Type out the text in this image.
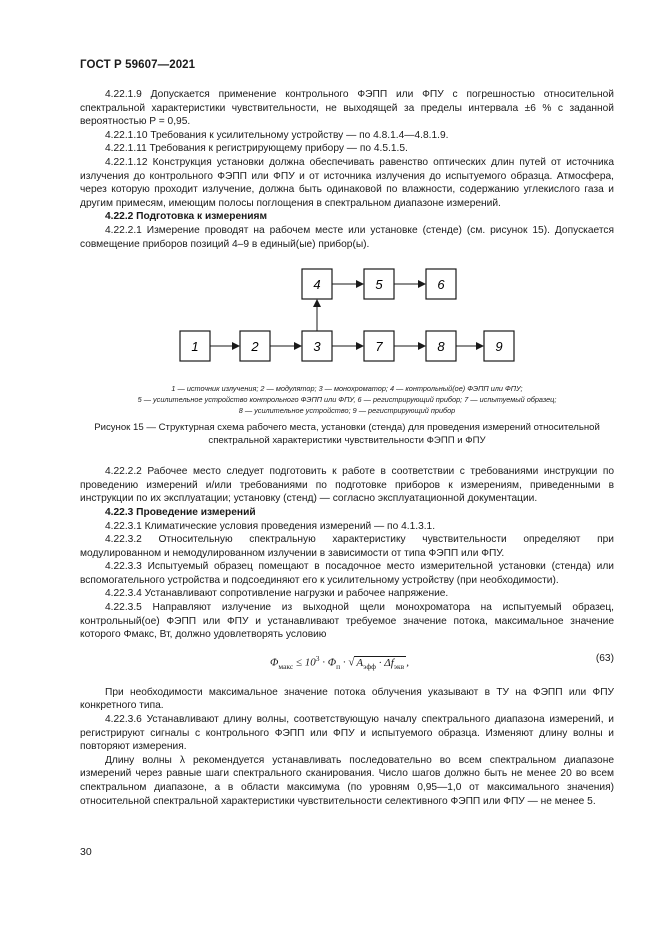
ГОСТ Р 59607—2021

4.22.1.9 Допускается применение контрольного ФЭПП или ФПУ с погрешностью относительной спектральной характеристики чувствительности, не выходящей за пределы интервала ±6 % с заданной вероятностью P = 0,95.

4.22.1.10 Требования к усилительному устройству — по 4.8.1.4—4.8.1.9.

4.22.1.11 Требования к регистрирующему прибору — по 4.5.1.5.

4.22.1.12 Конструкция установки должна обеспечивать равенство оптических длин путей от источника излучения до контрольного ФЭПП или ФПУ и от источника излучения до испытуемого образца. Атмосфера, через которую проходит излучение, должна быть одинаковой по влажности, содержанию углекислого газа и другим примесям, имеющим полосы поглощения в спектральном диапазоне измерений.

4.22.2 Подготовка к измерениям

4.22.2.1 Измерение проводят на рабочем месте или установке (стенде) (см. рисунок 15). Допускается совмещение приборов позиций 4–9 в единый(ые) прибор(ы).

4	5	6
1	2	3	7	8	9
1 — источник излучения; 2 — модулятор; 3 — монохроматор; 4 — контрольный(ое) ФЭПП или ФПУ;
5 — усилительное устройство контрольного ФЭПП или ФПУ, 6 — регистрирующий прибор; 7 — испытуемый образец;
8 — усилительное устройство; 9 — регистрирующий прибор
Рисунок 15 — Структурная схема рабочего места, установки (стенда) для проведения измерений относительной
спектральной характеристики чувствительности ФЭПП и ФПУ

4.22.2.2 Рабочее место следует подготовить к работе в соответствии с требованиями инструкции по проведению измерений и/или требованиями по подготовке приборов к измерениям, приведенными в инструкции по их эксплуатации; установку (стенд) — согласно эксплуатационной документации.

4.22.3 Проведение измерений

4.22.3.1 Климатические условия проведения измерений — по 4.1.3.1.

4.22.3.2 Относительную спектральную характеристику чувствительности определяют при модулированном и немодулированном излучении в зависимости от типа ФЭПП или ФПУ.

4.22.3.3 Испытуемый образец помещают в посадочное место измерительной установки (стенда) или вспомогательного устройства и подсоединяют его к усилительному устройству (при необходимости).

4.22.3.4 Устанавливают сопротивление нагрузки и рабочее напряжение.

4.22.3.5 Направляют излучение из выходной щели монохроматора на испытуемый образец, контрольный(ое) ФЭПП или ФПУ и устанавливают требуемое значение потока, максимальное значение которого Φмакс, Вт, должно удовлетворять условию

$\Phi_{макс} \le 10^3 \cdot \Phi_п$ · √ $A_{эфф} \cdot \Delta f_{экв}$ ,	(63)

При необходимости максимальное значение потока облучения указывают в ТУ на ФЭПП или ФПУ конкретного типа.

4.22.3.6 Устанавливают длину волны, соответствующую началу спектрального диапазона измерений, и регистрируют сигналы с контрольного ФЭПП или ФПУ и испытуемого образца. Изменяют длину волны и повторяют измерения.

Длину волны λ рекомендуется устанавливать последовательно во всем спектральном диапазоне измерений через равные шаги спектрального сканирования. Число шагов должно быть не менее 20 во всем спектральном диапазоне, а в области максимума (по уровням 0,95—1,0 от максимального значения) относительной спектральной характеристики чувствительности селективного ФЭПП или ФПУ — не менее 5.

30
